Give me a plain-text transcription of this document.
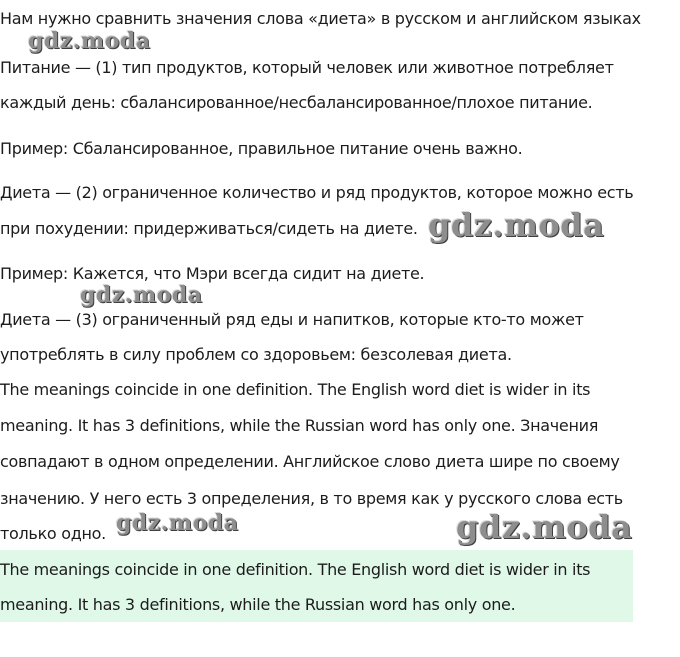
Нам нужно сравнить значения слова «диета» в русском и английском языках
Питание — (1) тип продуктов, который человек или животное потребляет
каждый день: сбалансированное/несбалансированное/плохое питание.
Пример: Сбалансированное, правильное питание очень важно.
Диета — (2) ограниченное количество и ряд продуктов, которое можно есть
при похудении: придерживаться/сидеть на диете.
Пример: Кажется, что Мэри всегда сидит на диете.
Диета — (3) ограниченный ряд еды и напитков, которые кто-то может
употреблять в силу проблем со здоровьем: безсолевая диета.
The meanings coincide in one definition. The English word diet is wider in its
meaning. It has 3 definitions, while the Russian word has only one. Значения
совпадают в одном определении. Английское слово диета шире по своему
значению. У него есть 3 определения, в то время как у русского слова есть
только одно.
The meanings coincide in one definition. The English word diet is wider in its
meaning. It has 3 definitions, while the Russian word has only one.
gdz.moda
gdz.moda
gdz.moda
gdz.moda	gdz.moda
